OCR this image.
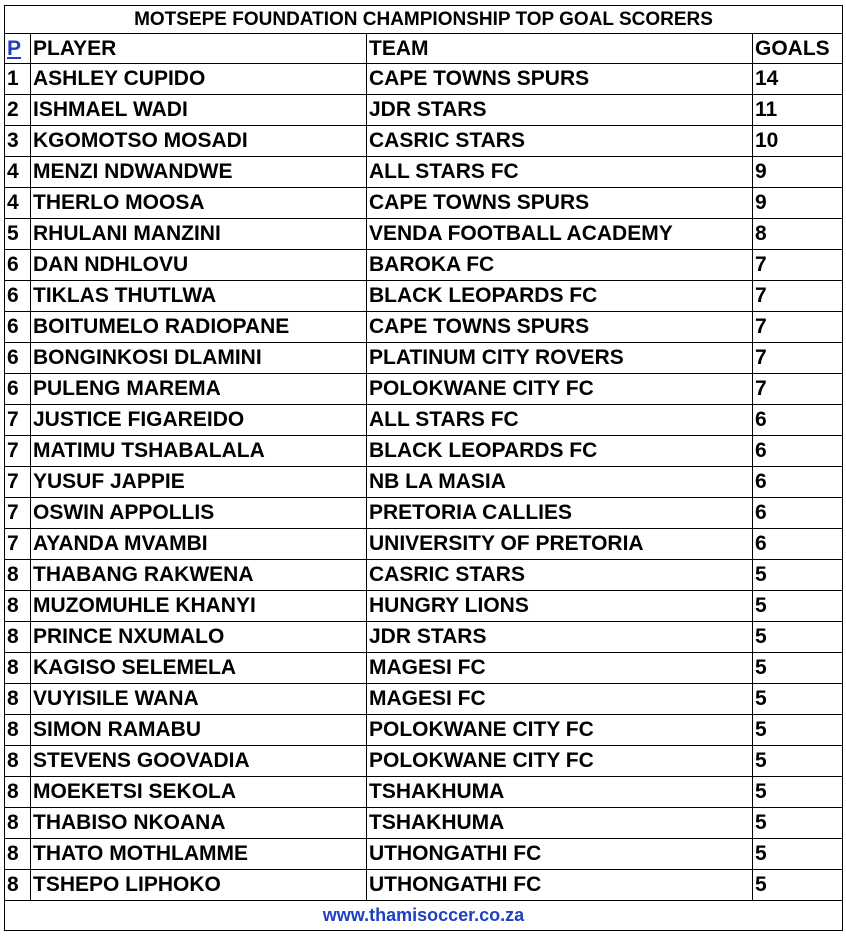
MOTSEPE FOUNDATION CHAMPIONSHIP TOP GOAL SCORERS			
P	PLAYER	TEAM	GOALS
1	ASHLEY CUPIDO	CAPE TOWNS SPURS	14
2	ISHMAEL WADI	JDR STARS	11
3	KGOMOTSO MOSADI	CASRIC STARS	10
4	MENZI NDWANDWE	ALL STARS FC	9
4	THERLO MOOSA	CAPE TOWNS SPURS	9
5	RHULANI MANZINI	VENDA FOOTBALL ACADEMY	8
6	DAN NDHLOVU	BAROKA FC	7
6	TIKLAS THUTLWA	BLACK LEOPARDS FC	7
6	BOITUMELO RADIOPANE	CAPE TOWNS SPURS	7
6	BONGINKOSI DLAMINI	PLATINUM CITY ROVERS	7
6	PULENG MAREMA	POLOKWANE CITY FC	7
7	JUSTICE FIGAREIDO	ALL STARS FC	6
7	MATIMU TSHABALALA	BLACK LEOPARDS FC	6
7	YUSUF JAPPIE	NB LA MASIA	6
7	OSWIN APPOLLIS	PRETORIA CALLIES	6
7	AYANDA MVAMBI	UNIVERSITY OF PRETORIA	6
8	THABANG RAKWENA	CASRIC STARS	5
8	MUZOMUHLE KHANYI	HUNGRY LIONS	5
8	PRINCE NXUMALO	JDR STARS	5
8	KAGISO SELEMELA	MAGESI FC	5
8	VUYISILE WANA	MAGESI FC	5
8	SIMON RAMABU	POLOKWANE CITY FC	5
8	STEVENS GOOVADIA	POLOKWANE CITY FC	5
8	MOEKETSI SEKOLA	TSHAKHUMA	5
8	THABISO NKOANA	TSHAKHUMA	5
8	THATO MOTHLAMME	UTHONGATHI FC	5
8	TSHEPO LIPHOKO	UTHONGATHI FC	5
www.thamisoccer.co.za			
